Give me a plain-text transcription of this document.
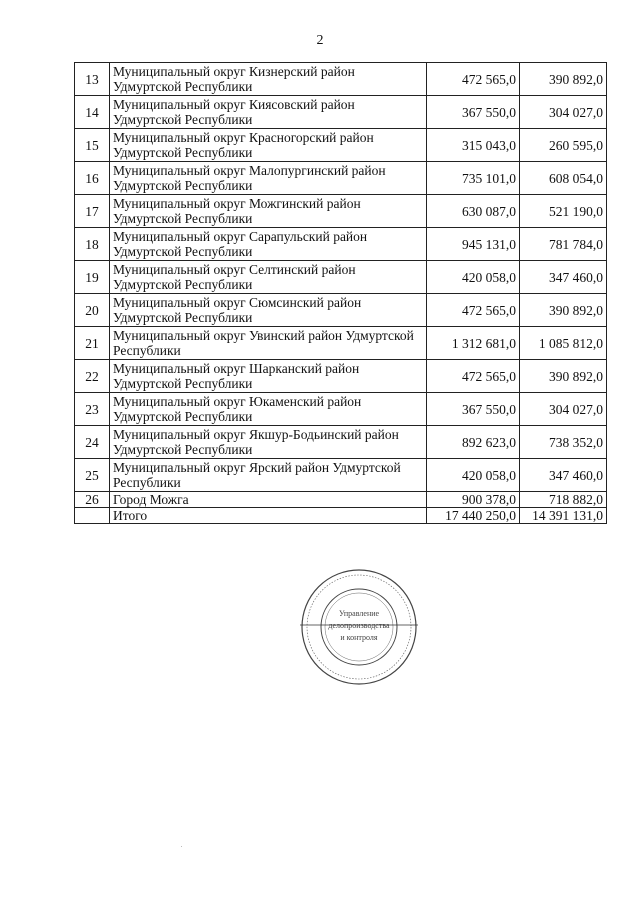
2
13	Муниципальный округ Кизнерский район Удмуртской Республики	472 565,0	390 892,0
14	Муниципальный округ Киясовский район Удмуртской Республики	367 550,0	304 027,0
15	Муниципальный округ Красногорский район Удмуртской Республики	315 043,0	260 595,0
16	Муниципальный округ Малопургинский район Удмуртской Республики	735 101,0	608 054,0
17	Муниципальный округ Можгинский район Удмуртской Республики	630 087,0	521 190,0
18	Муниципальный округ Сарапульский район Удмуртской Республики	945 131,0	781 784,0
19	Муниципальный округ Селтинский район Удмуртской Республики	420 058,0	347 460,0
20	Муниципальный округ Сюмсинский район Удмуртской Республики	472 565,0	390 892,0
21	Муниципальный округ Увинский район Удмуртской Республики	1 312 681,0	1 085 812,0
22	Муниципальный округ Шарканский район Удмуртской Республики	472 565,0	390 892,0
23	Муниципальный округ Юкаменский район Удмуртской Республики	367 550,0	304 027,0
24	Муниципальный округ Якшур-Бодьинский район Удмуртской Республики	892 623,0	738 352,0
25	Муниципальный округ Ярский район Удмуртской Республики	420 058,0	347 460,0
26	Город Можга	900 378,0	718 882,0
	Итого	17 440 250,0	14 391 131,0
Управление
делопроизводства
и контроля
